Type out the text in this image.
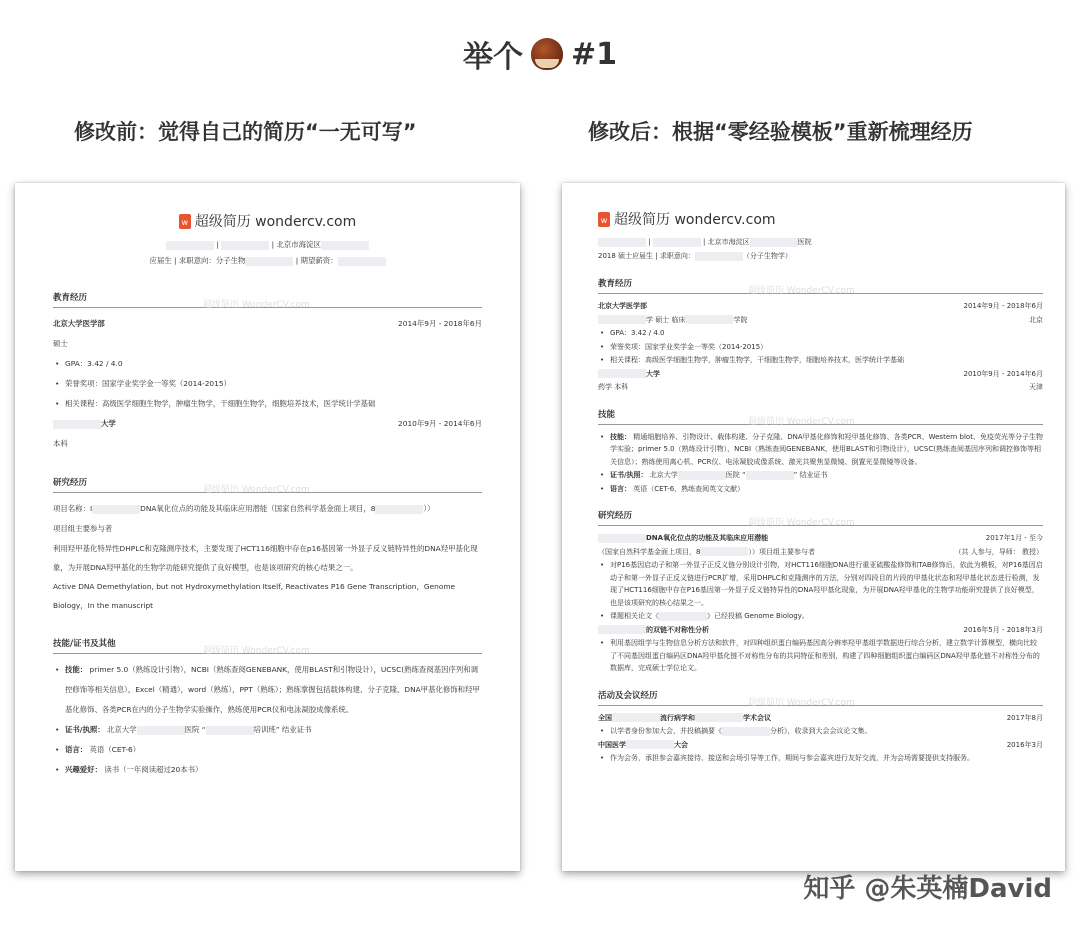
举个 #1
修改前：觉得自己的简历“一无可写”	修改后：根据“零经验模板”重新梳理经历
w 超级简历 wondercv.com
|	| 北京市海淀区
应届生 | 求职意向：分子生物	| 期望薪资：
教育经历
超级简历 WonderCV.com
北京大学医学部	2014年9月 - 2018年6月
硕士
• GPA：3.42 / 4.0
• 荣誉奖项：国家学业奖学金一等奖（2014-2015）
• 相关课程：高级医学细胞生物学，肿瘤生物学，干细胞生物学，细胞培养技术，医学统计学基础
大学	2010年9月 - 2014年6月
本科
研究经历
超级简历 WonderCV.com
项目名称：I	DNA氧化位点的功能及其临床应用潜能（国家自然科学基金面上项目，8	））
项目组主要参与者
利用羟甲基化特异性DHPLC和克隆测序技术，主要发现了HCT116细胞中存在p16基因第一外显子反义链特异性的DNA羟甲基化现象，为开展DNA羟甲基化的生物学功能研究提供了良好模型，也是该项研究的核心结果之一。
Active DNA Demethylation, but not Hydroxymethylation Itself, Reactivates P16 Gene Transcription，Genome Biology，In the manuscript
技能/证书及其他
超级简历 WonderCV.com
• 技能： primer 5.0（熟练设计引物），NCBI（熟练查阅GENEBANK，使用BLAST和引物设计），UCSC(熟练查阅基因序列和调控修饰等相关信息），Excel（精通），word（熟练），PPT（熟练）；熟练掌握包括载体构建、分子克隆、DNA甲基化修饰和羟甲基化修饰、各类PCR在内的分子生物学实验操作，熟练使用PCR仪和电泳凝胶成像系统。
• 证书/执照： 北京大学	医院 “	培训班” 结业证书
• 语言： 英语（CET-6）
• 兴趣爱好： 读书（一年阅读超过20本书）
w 超级简历 wondercv.com
|	| 北京市海淀区	医院
2018 硕士应届生 | 求职意向：	（分子生物学）
教育经历
超级简历 WonderCV.com
北京大学医学部	2014年9月 - 2018年6月
学 硕士 临床	学院	北京
• GPA：3.42 / 4.0
• 荣誉奖项：国家学业奖学金一等奖（2014-2015）
• 相关课程：高级医学细胞生物学，肿瘤生物学，干细胞生物学，细胞培养技术，医学统计学基础
大学	2010年9月 - 2014年6月
药学 本科	天津
技能
超级简历 WonderCV.com
• 技能： 精通细胞培养、引物设计、载体构建、分子克隆、DNA甲基化修饰和羟甲基化修饰、各类PCR、Western blot、免疫荧光等分子生物学实验；primer 5.0（熟练设计引物），NCBI（熟练查阅GENEBANK，使用BLAST和引物设计），UCSC(熟练查阅基因序列和调控修饰等相关信息）；熟练使用离心机、PCR仪、电泳凝胶成像系统、激光共聚焦显微镜、倒置光显微镜等设备。
• 证书/执照： 北京大学	医院 “	” 结业证书
• 语言： 英语（CET-6，熟练查阅英文文献）
研究经历
超级简历 WonderCV.com
DNA氧化位点的功能及其临床应用潜能	2017年1月 - 至今
（国家自然科学基金面上项目，8	））项目组主要参与者	（共 人参与，导师： 教授）
• 对P16基因启动子和第一外显子正反义链分别设计引物，对HCT116细胞DNA进行重亚硫酸盐修饰和TAB修饰后，依此为模板，对P16基因启动子和第一外显子正反义链进行PCR扩增，采用DHPLC和克隆测序的方法，分别对四段目的片段的甲基化状态和羟甲基化状态进行检测，发现了HCT116细胞中存在P16基因第一外显子反义链特异性的DNA羟甲基化现象，为开展DNA羟甲基化的生物学功能研究提供了良好模型，也是该项研究的核心结果之一。
• 课题相关论文《	》已经投稿 Genome Biology。
的双链不对称性分析	2016年5月 - 2018年3月
• 利用基因组学与生物信息分析方法和软件，对四种组织蛋白编码基因高分辨率羟甲基组学数据进行综合分析，建立数学计算模型，横向比较了不同基因组蛋白编码区DNA羟甲基化链不对称性分布的共同特征和差别，构建了四种细胞组织蛋白编码区DNA羟甲基化链不对称性分布的数据库，完成硕士学位论文。
活动及会议经历
超级简历 WonderCV.com
全国	流行病学和	学术会议	2017年8月
• 以学者身份参加大会，并投稿摘要《	分析》，收录到大会会议论文集。
中国医学	大会	2016年3月
• 作为会务，承担参会嘉宾接待、接送和会场引导等工作，期间与参会嘉宾进行友好交流，并为会场需要提供支持服务。
知乎 @朱英楠David
